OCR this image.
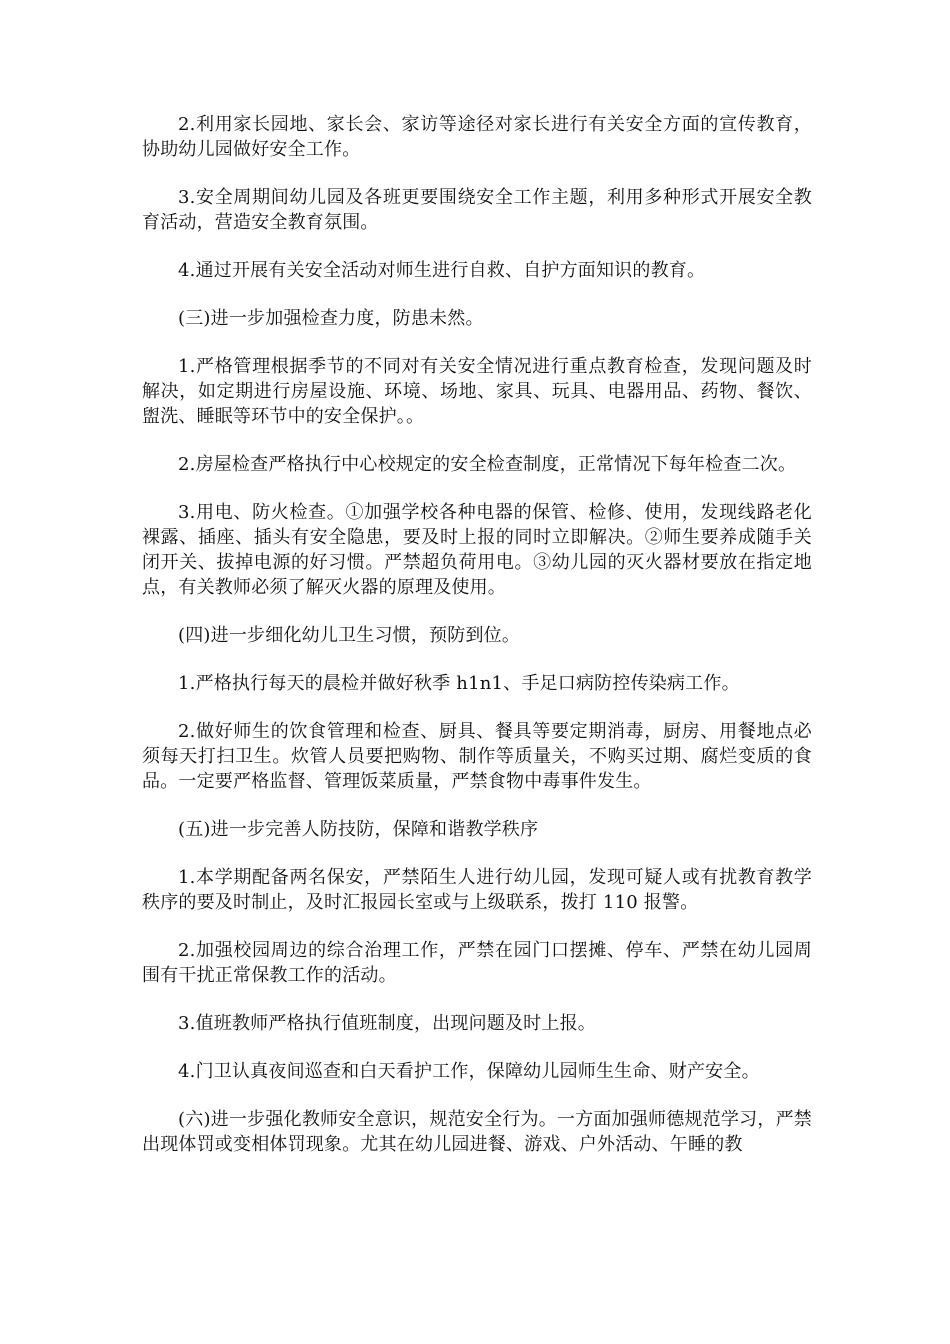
2.利用家长园地、家长会、家访等途径对家长进行有关安全方面的宣传教育，协助幼儿园做好安全工作。

3.安全周期间幼儿园及各班更要围绕安全工作主题，利用多种形式开展安全教育活动，营造安全教育氛围。

4.通过开展有关安全活动对师生进行自救、自护方面知识的教育。

(三)进一步加强检查力度，防患未然。

1.严格管理根据季节的不同对有关安全情况进行重点教育检查，发现问题及时解决，如定期进行房屋设施、环境、场地、家具、玩具、电器用品、药物、餐饮、盥洗、睡眠等环节中的安全保护。。

2.房屋检查严格执行中心校规定的安全检查制度，正常情况下每年检查二次。

3.用电、防火检查。①加强学校各种电器的保管、检修、使用，发现线路老化裸露、插座、插头有安全隐患，要及时上报的同时立即解决。②师生要养成随手关闭开关、拔掉电源的好习惯。严禁超负荷用电。③幼儿园的灭火器材要放在指定地点，有关教师必须了解灭火器的原理及使用。

(四)进一步细化幼儿卫生习惯，预防到位。

1.严格执行每天的晨检并做好秋季 h1n1、手足口病防控传染病工作。

2.做好师生的饮食管理和检查、厨具、餐具等要定期消毒，厨房、用餐地点必须每天打扫卫生。炊管人员要把购物、制作等质量关，不购买过期、腐烂变质的食品。一定要严格监督、管理饭菜质量，严禁食物中毒事件发生。

(五)进一步完善人防技防，保障和谐教学秩序

1.本学期配备两名保安，严禁陌生人进行幼儿园，发现可疑人或有扰教育教学秩序的要及时制止，及时汇报园长室或与上级联系，拨打 110 报警。

2.加强校园周边的综合治理工作，严禁在园门口摆摊、停车、严禁在幼儿园周围有干扰正常保教工作的活动。

3.值班教师严格执行值班制度，出现问题及时上报。

4.门卫认真夜间巡查和白天看护工作，保障幼儿园师生生命、财产安全。

(六)进一步强化教师安全意识，规范安全行为。一方面加强师德规范学习，严禁出现体罚或变相体罚现象。尤其在幼儿园进餐、游戏、户外活动、午睡的教
